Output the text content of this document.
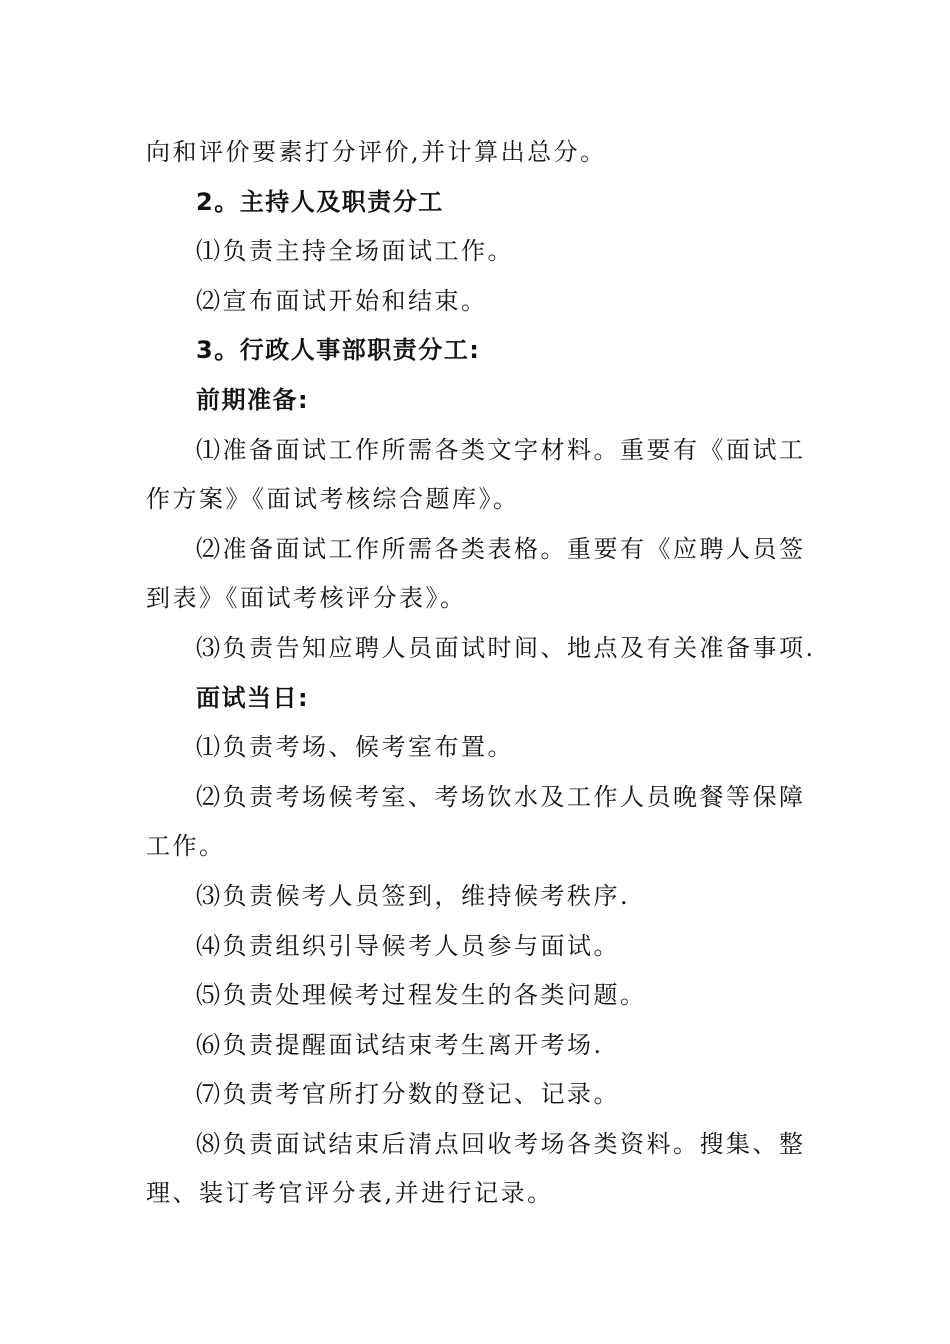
向和评价要素打分评价,并计算出总分。
2。主持人及职责分工
⑴负责主持全场面试工作。
⑵宣布面试开始和结束。
3。行政人事部职责分工:
前期准备:
⑴准备面试工作所需各类文字材料。重要有《面试工
作方案》《面试考核综合题库》。
⑵准备面试工作所需各类表格。重要有《应聘人员签
到表》《面试考核评分表》。
⑶负责告知应聘人员面试时间、地点及有关准备事项.
面试当日:
⑴负责考场、候考室布置。
⑵负责考场候考室、考场饮水及工作人员晚餐等保障
工作。
⑶负责候考人员签到，维持候考秩序.
⑷负责组织引导候考人员参与面试。
⑸负责处理候考过程发生的各类问题。
⑹负责提醒面试结束考生离开考场.
⑺负责考官所打分数的登记、记录。
⑻负责面试结束后清点回收考场各类资料。搜集、整
理、装订考官评分表,并进行记录。
